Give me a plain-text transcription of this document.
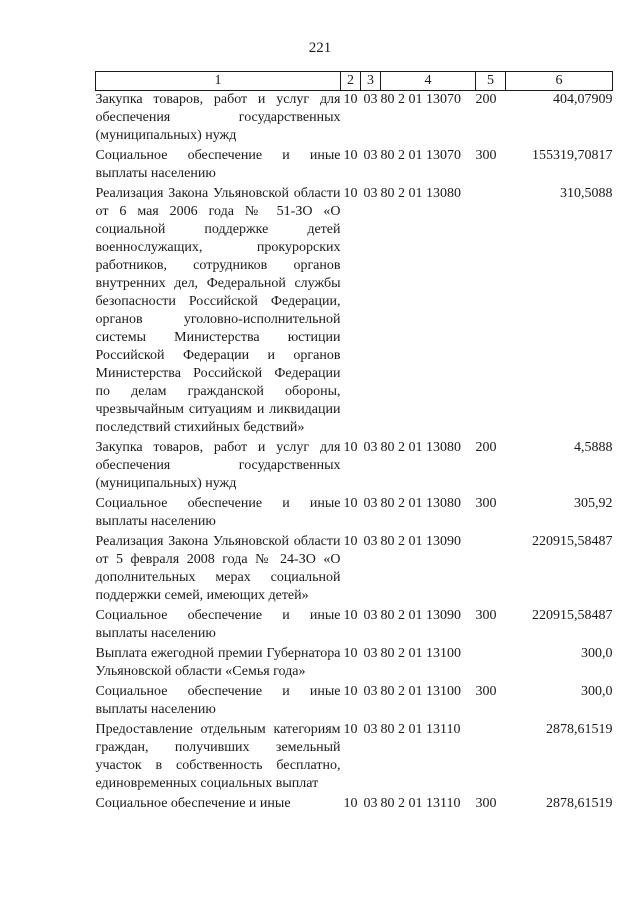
221
1	2	3	4	5	6
Закупка товаров, работ и услуг для обеспечения государственных (муниципальных) нужд	10	03	80 2 01 13070	200	404,07909
Социальное обеспечение и иные выплаты населению	10	03	80 2 01 13070	300	155319,70817
Реализация Закона Ульяновской области от 6 мая 2006 года № 51-ЗО «О социальной поддержке детей военнослужащих, прокурорских работников, сотрудников органов внутренних дел, Федеральной службы безопасности Российской Федерации, органов уголовно-исполнительной системы Министерства юстиции Российской Федерации и органов Министерства Российской Федерации по делам гражданской обороны, чрезвычайным ситуациям и ликвидации последствий стихийных бедствий»	10	03	80 2 01 13080		310,5088
Закупка товаров, работ и услуг для обеспечения государственных (муниципальных) нужд	10	03	80 2 01 13080	200	4,5888
Социальное обеспечение и иные выплаты населению	10	03	80 2 01 13080	300	305,92
Реализация Закона Ульяновской области от 5 февраля 2008 года № 24-ЗО «О дополнительных мерах социальной поддержки семей, имеющих детей»	10	03	80 2 01 13090		220915,58487
Социальное обеспечение и иные выплаты населению	10	03	80 2 01 13090	300	220915,58487
Выплата ежегодной премии Губернатора Ульяновской области «Семья года»	10	03	80 2 01 13100		300,0
Социальное обеспечение и иные выплаты населению	10	03	80 2 01 13100	300	300,0
Предоставление отдельным категориям граждан, получивших земельный участок в собственность бесплатно, единовременных социальных выплат	10	03	80 2 01 13110		2878,61519
Социальное обеспечение и иные	10	03	80 2 01 13110	300	2878,61519
